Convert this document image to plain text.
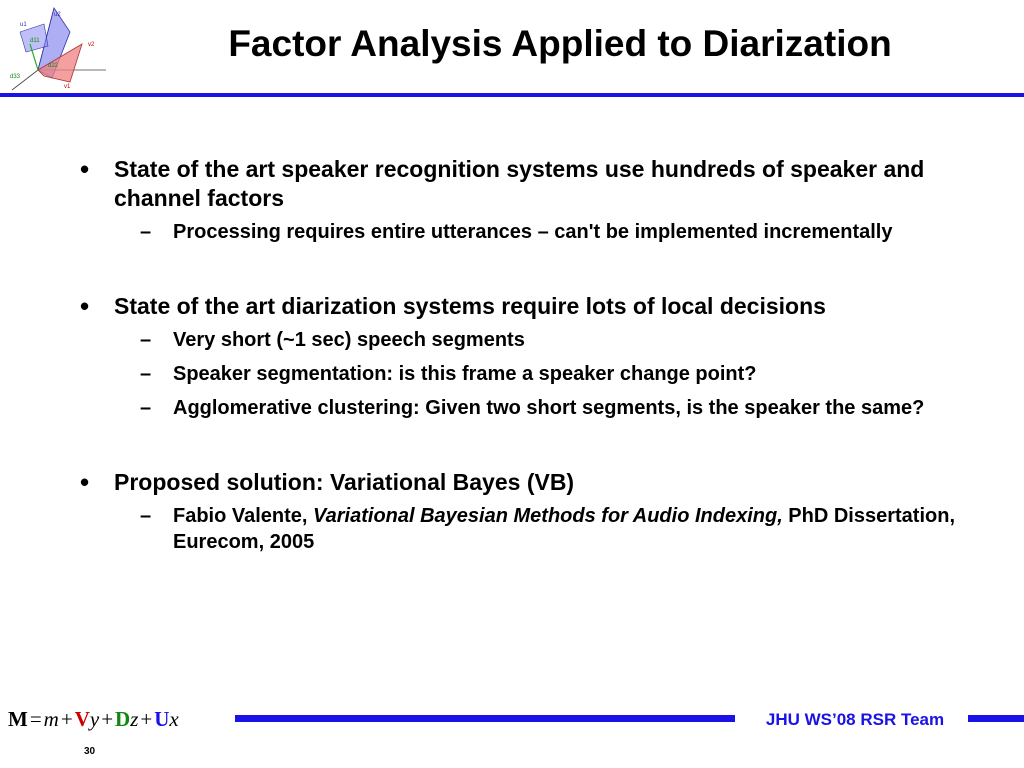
u2
u1
v2
v1
d11
d22
d33
Factor Analysis Applied to Diarization
• State of the art speaker recognition systems use hundreds of speaker and channel factors
– Processing requires entire utterances – can't be implemented incrementally
• State of the art diarization systems require lots of local decisions
– Very short (~1 sec) speech segments
– Speaker segmentation: is this frame a speaker change point?
– Agglomerative clustering: Given two short segments, is the speaker the same?
• Proposed solution: Variational Bayes (VB)
– Fabio Valente, Variational Bayesian Methods for Audio Indexing, PhD Dissertation, Eurecom, 2005
M=m+Vy+Dz+Ux	JHU WS’08 RSR Team
30
